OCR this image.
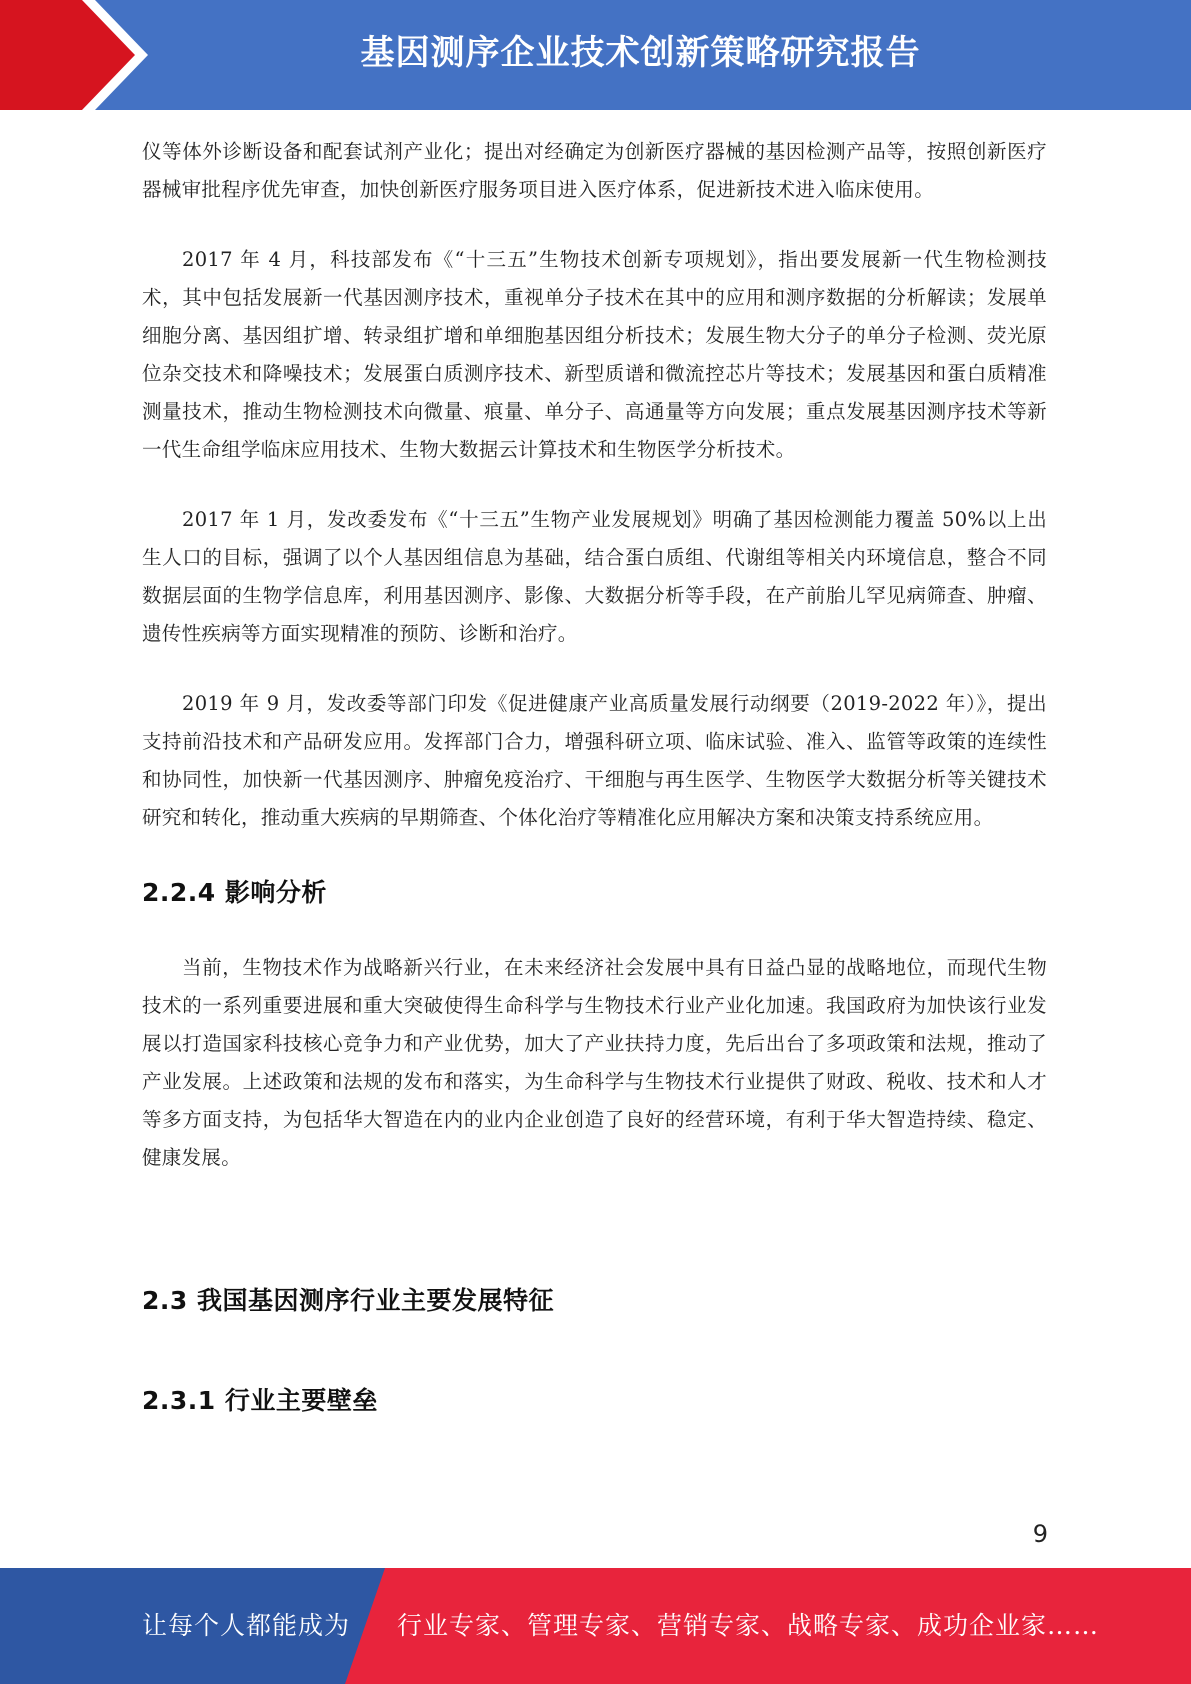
基因测序企业技术创新策略研究报告

仪等体外诊断设备和配套试剂产业化；提出对经确定为创新医疗器械的基因检测产品等，按照创新医疗器械审批程序优先审查，加快创新医疗服务项目进入医疗体系，促进新技术进入临床使用。

2017 年 4 月，科技部发布《“十三五”生物技术创新专项规划》，指出要发展新一代生物检测技术，其中包括发展新一代基因测序技术，重视单分子技术在其中的应用和测序数据的分析解读；发展单细胞分离、基因组扩增、转录组扩增和单细胞基因组分析技术；发展生物大分子的单分子检测、荧光原位杂交技术和降噪技术；发展蛋白质测序技术、新型质谱和微流控芯片等技术；发展基因和蛋白质精准测量技术，推动生物检测技术向微量、痕量、单分子、高通量等方向发展；重点发展基因测序技术等新一代生命组学临床应用技术、生物大数据云计算技术和生物医学分析技术。

2017 年 1 月，发改委发布《“十三五”生物产业发展规划》明确了基因检测能力覆盖 50%以上出生人口的目标，强调了以个人基因组信息为基础，结合蛋白质组、代谢组等相关内环境信息，整合不同数据层面的生物学信息库，利用基因测序、影像、大数据分析等手段，在产前胎儿罕见病筛查、肿瘤、遗传性疾病等方面实现精准的预防、诊断和治疗。

2019 年 9 月，发改委等部门印发《促进健康产业高质量发展行动纲要（2019-2022 年）》，提出支持前沿技术和产品研发应用。发挥部门合力，增强科研立项、临床试验、准入、监管等政策的连续性和协同性，加快新一代基因测序、肿瘤免疫治疗、干细胞与再生医学、生物医学大数据分析等关键技术研究和转化，推动重大疾病的早期筛查、个体化治疗等精准化应用解决方案和决策支持系统应用。

2.2.4 影响分析

当前，生物技术作为战略新兴行业，在未来经济社会发展中具有日益凸显的战略地位，而现代生物技术的一系列重要进展和重大突破使得生命科学与生物技术行业产业化加速。我国政府为加快该行业发展以打造国家科技核心竞争力和产业优势，加大了产业扶持力度，先后出台了多项政策和法规，推动了产业发展。上述政策和法规的发布和落实，为生命科学与生物技术行业提供了财政、税收、技术和人才等多方面支持，为包括华大智造在内的业内企业创造了良好的经营环境，有利于华大智造持续、稳定、健康发展。

2.3 我国基因测序行业主要发展特征
2.3.1 行业主要壁垒
9
让每个人都能成为 行业专家、管理专家、营销专家、战略专家、成功企业家……
